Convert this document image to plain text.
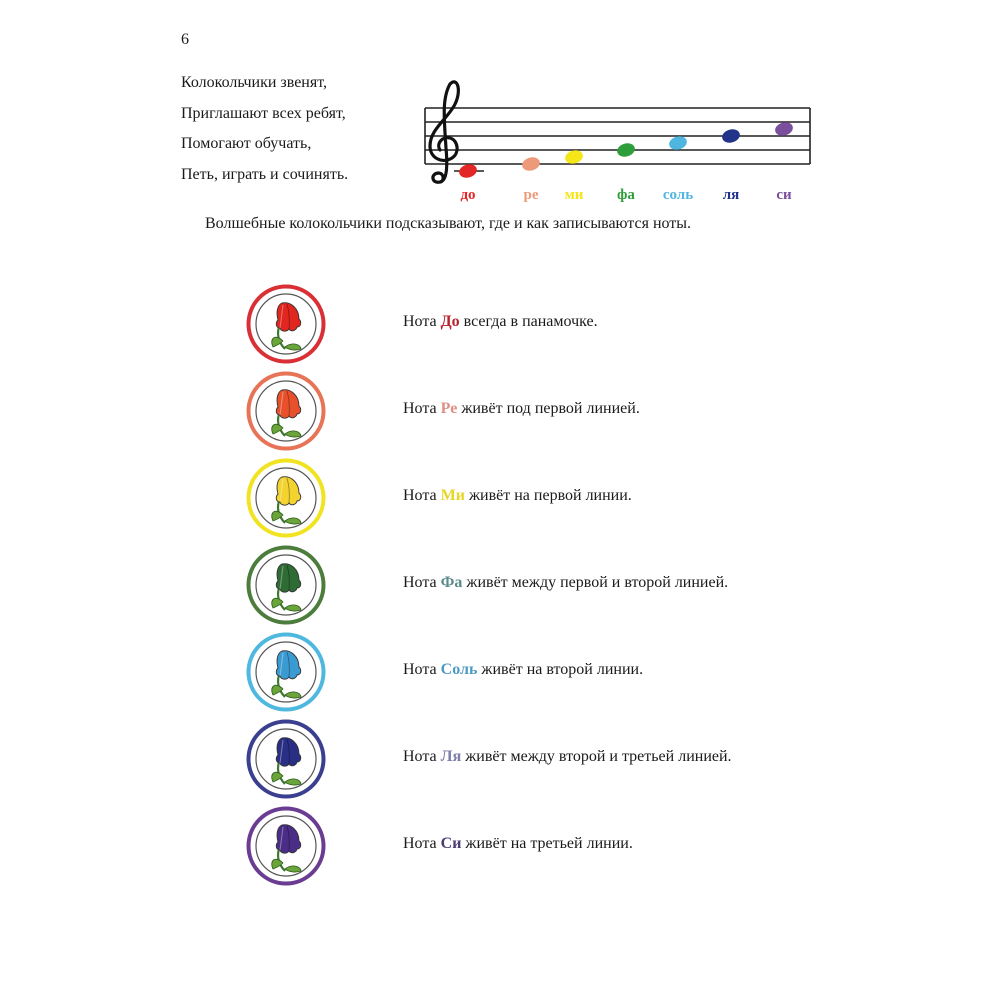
6
Колокольчики звенят,
Приглашают всех ребят,
Помогают обучать,
Петь, играть и сочинять.
до	ре ми фа соль ля си
Волшебные колокольчики подсказывают, где и как записываются ноты.
Нота До всегда в панамочке.
Нота Ре живёт под первой линией.
Нота Ми живёт на первой линии.
Нота Фа живёт между первой и второй линией.
Нота Соль живёт на второй линии.
Нота Ля живёт между второй и третьей линией.
Нота Си живёт на третьей линии.
